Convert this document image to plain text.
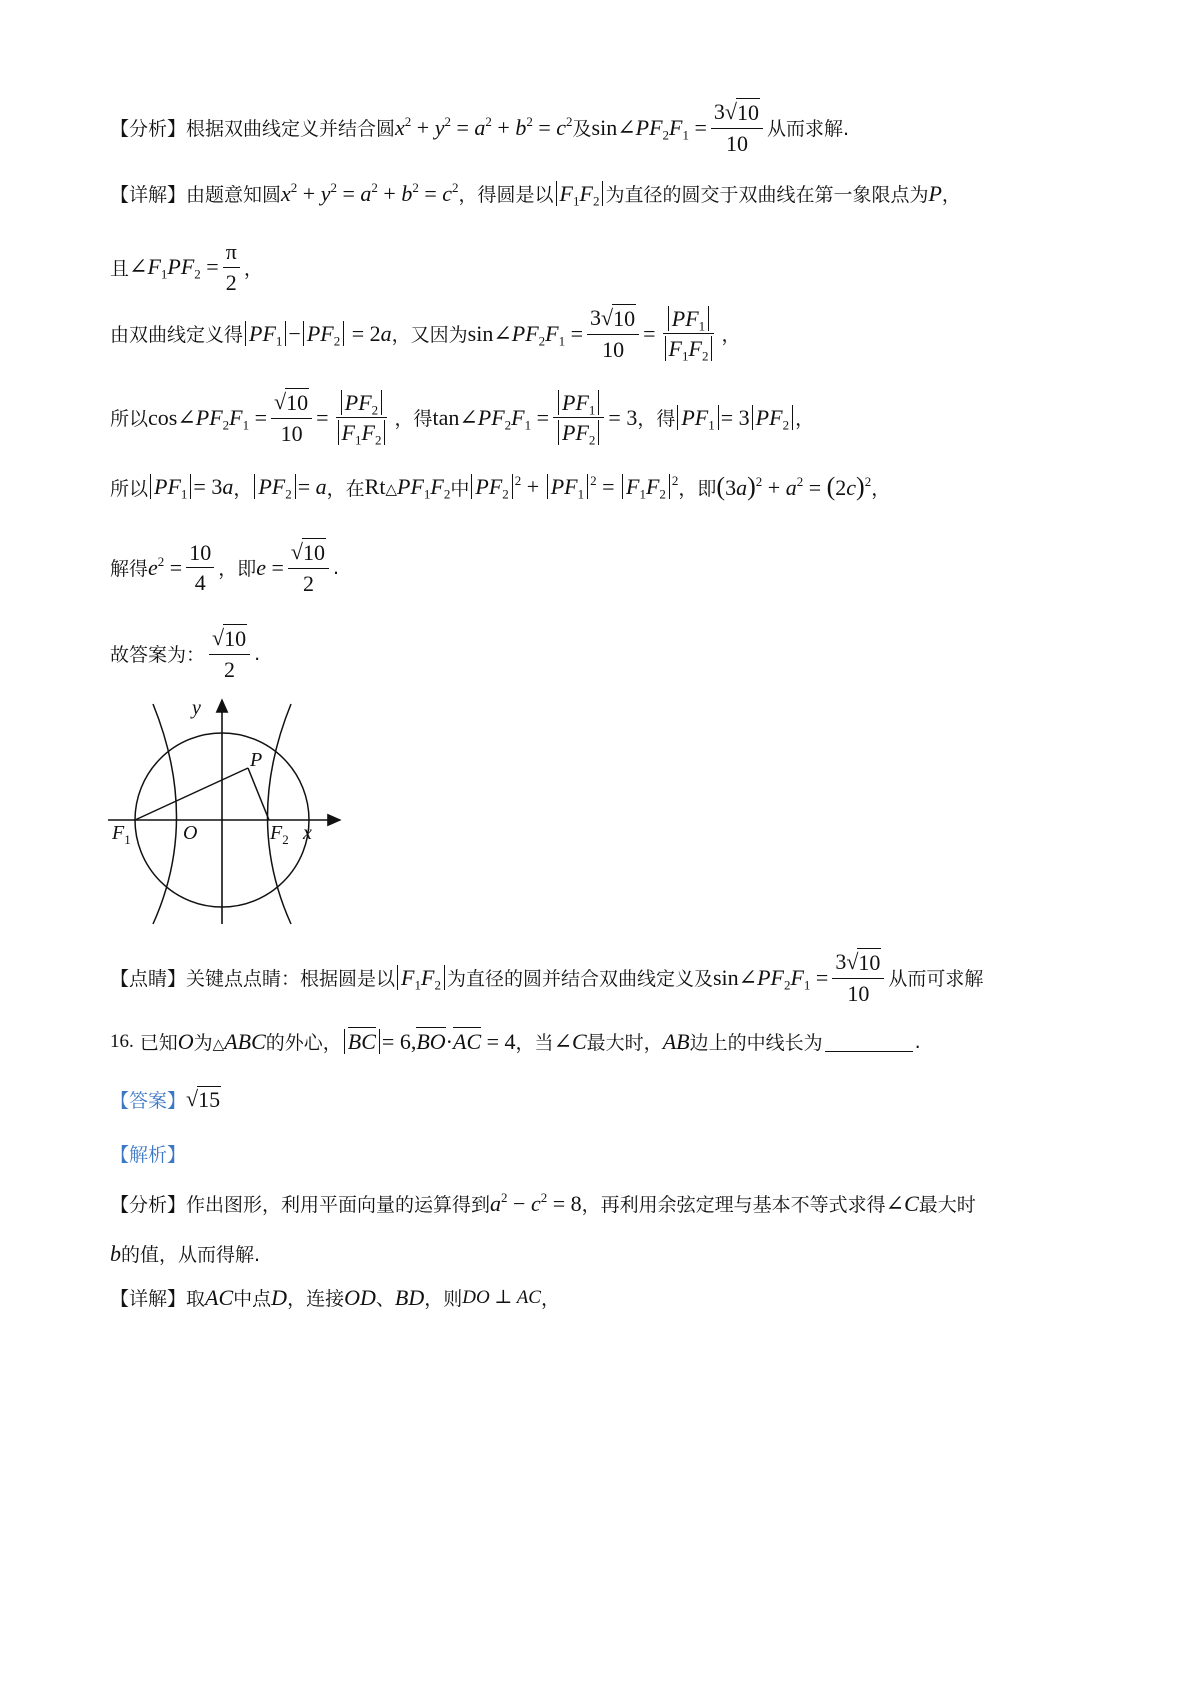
【分析】 根据双曲线定义并结合圆 $x^2 + y^2 = a^2 + b^2 = c^2$ 及 $\sin\angle PF_2F_1 = \frac{3 √ 10}{10}$ 从而求解.
【详解】 由题意知圆 $x^2 + y^2 = a^2 + b^2 = c^2$ ，得圆是以 $F_1F_2$ 为直径的圆交于双曲线在第一象限点为 P ，
且 $\angle F_1PF_2 = \frac{\pi}{2}$ ，
由双曲线定义得 $PF_1 - PF_2 = 2a$ ，又因为 $\sin\angle PF_2F_1 = \frac{3 √ 10}{10} = \frac{PF_1}{F_1F_2}$ ，
所以 $\cos\angle PF_2F_1 = \frac{√ 10}{10} = \frac{PF_2}{F_1F_2}$ ，得 $\tan\angle PF_2F_1 = \frac{PF_1}{PF_2} = 3$ ，得 $PF_1 = 3$ $PF_2$ ，
所以 $PF_1 = 3a$ ， $PF_2 = a$ ，在 $Rt\triangle PF_1F_2$ 中 $PF_2^2 + PF_1^2 = F_1F_2^2$ ，即 $(3a)^2 + a^2 = (2c)^2$ ，
解得 $e^2 = \frac{10}{4}$ ，即 $e = \frac{√ 10}{2}$ .
故答案为： $\frac{√ 10}{2}$ .
y
x
P
O
$F_1$	$F_2$
【点睛】 关键点点睛：根据圆是以 $F_1F_2$ 为直径的圆并结合双曲线定义及 $\sin\angle PF_2F_1 = \frac{3 √ 10}{10}$ 从而可求解
16. 已知 O 为 △ABC 的外心， BC = 6,BO·AC = 4 ，当 ∠C 最大时， AB 边上的中线长为	.
【答案】 √ 15
【解析】
【分析】 作出图形，利用平面向量的运算得到 $a^2 - c^2 = 8$ ，再利用余弦定理与基本不等式求得 ∠C 最大时
b 的值，从而得解.
【详解】 取 AC 中点 D ，连接 OD 、 BD ，则 DO ⊥ AC ，
